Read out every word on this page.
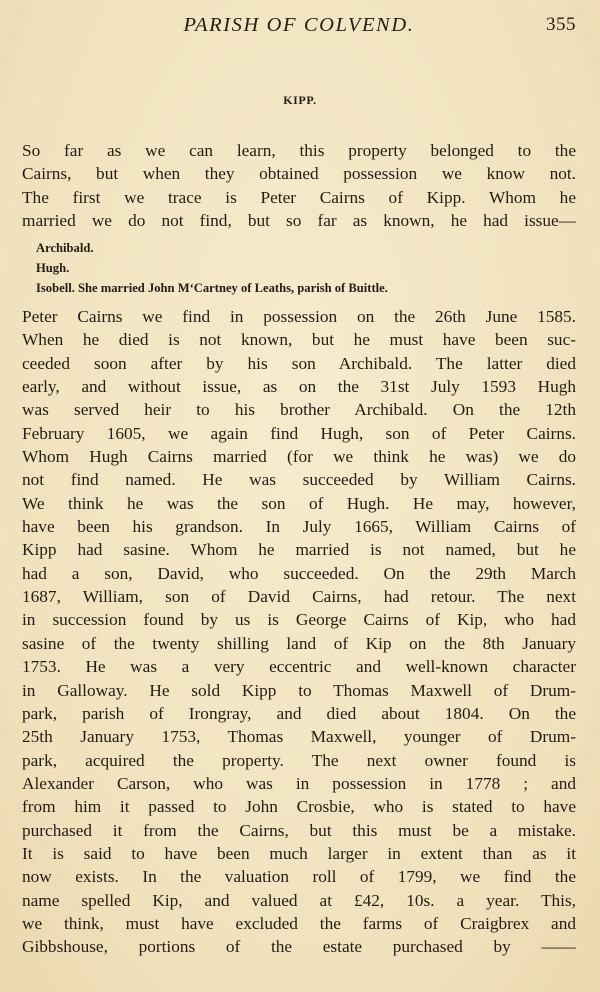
PARISH OF COLVEND.	355
KIPP.

So far as we can learn, this property belonged to the
Cairns, but when they obtained possession we know not.
The first we trace is Peter Cairns of Kipp. Whom he
married we do not find, but so far as known, he had issue—

Archibald.
Hugh.
Isobell. She married John M‘Cartney of Leaths, parish of Buittle.

Peter Cairns we find in possession on the 26th June 1585.
When he died is not known, but he must have been suc-
ceeded soon after by his son Archibald. The latter died
early, and without issue, as on the 31st July 1593 Hugh
was served heir to his brother Archibald. On the 12th
February 1605, we again find Hugh, son of Peter Cairns.
Whom Hugh Cairns married (for we think he was) we do
not find named. He was succeeded by William Cairns.
We think he was the son of Hugh. He may, however,
have been his grandson. In July 1665, William Cairns of
Kipp had sasine. Whom he married is not named, but he
had a son, David, who succeeded. On the 29th March
1687, William, son of David Cairns, had retour. The next
in succession found by us is George Cairns of Kip, who had
sasine of the twenty shilling land of Kip on the 8th January
1753. He was a very eccentric and well-known character
in Galloway. He sold Kipp to Thomas Maxwell of Drum-
park, parish of Irongray, and died about 1804. On the
25th January 1753, Thomas Maxwell, younger of Drum-
park, acquired the property. The next owner found is
Alexander Carson, who was in possession in 1778 ; and
from him it passed to John Crosbie, who is stated to have
purchased it from the Cairns, but this must be a mistake.
It is said to have been much larger in extent than as it
now exists. In the valuation roll of 1799, we find the
name spelled Kip, and valued at £42, 10s. a year. This,
we think, must have excluded the farms of Craigbrex and
Gibbshouse, portions of the estate purchased by ——
